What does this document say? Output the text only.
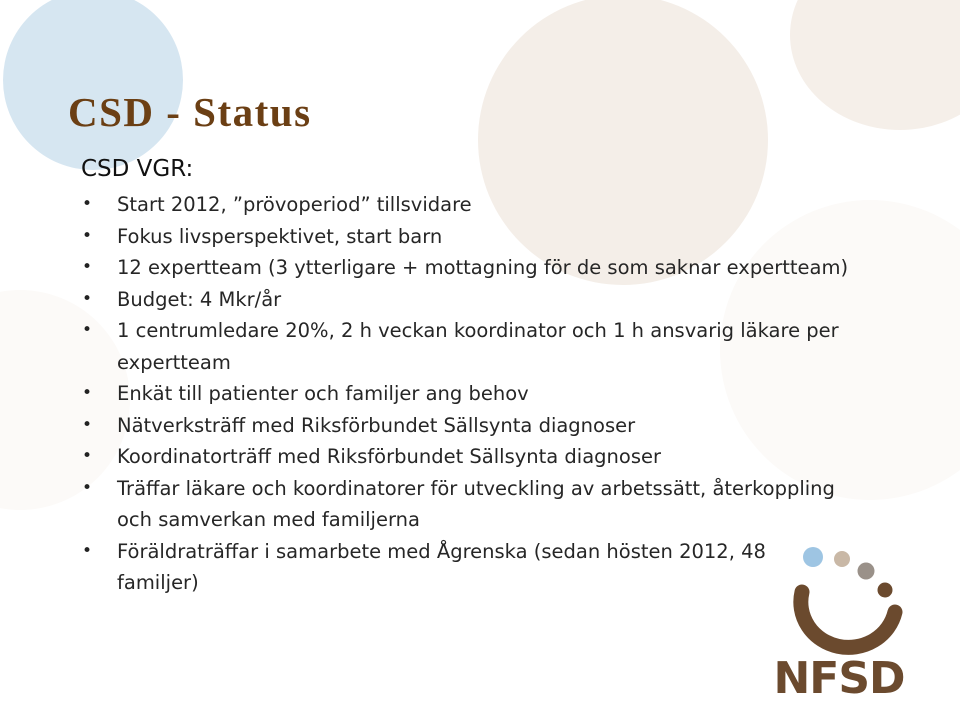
CSD - Status
CSD VGR:
• Start 2012, ”prövoperiod” tillsvidare
• Fokus livsperspektivet, start barn
• 12 expertteam (3 ytterligare + mottagning för de som saknar expertteam)
• Budget: 4 Mkr/år
• 1 centrumledare 20%, 2 h veckan koordinator och 1 h ansvarig läkare per expertteam
• Enkät till patienter och familjer ang behov
• Nätverksträff med Riksförbundet Sällsynta diagnoser
• Koordinatorträff med Riksförbundet Sällsynta diagnoser
• Träffar läkare och koordinatorer för utveckling av arbetssätt, återkoppling och samverkan med familjerna
• Föräldraträffar i samarbete med Ågrenska (sedan hösten 2012, 48 familjer)
NFSD
